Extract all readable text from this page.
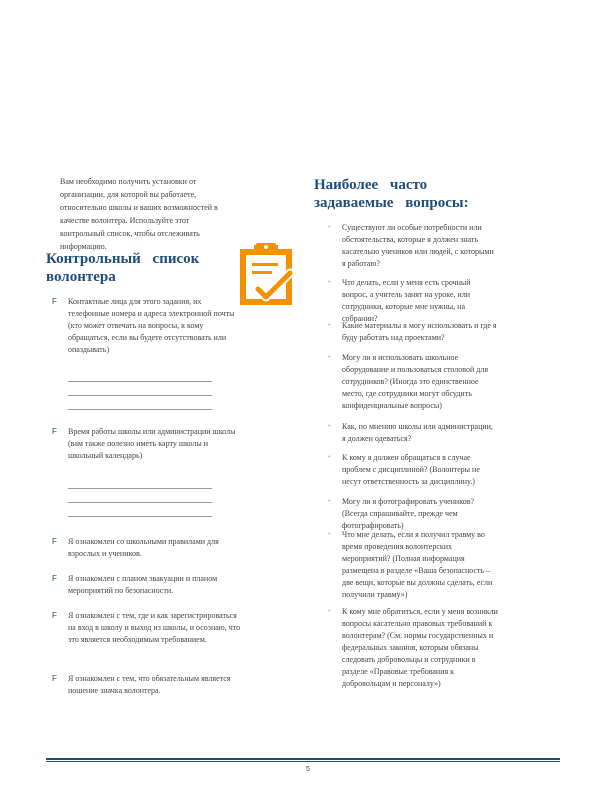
Вам необходимо получить установки от организации, для которой вы работаете, относительно школы и ваших возможностей в качестве волонтера. Используйте этот контрольный список, чтобы отслеживать информацию.
Контрольный список волонтера
F Контактные лица для этого задания, их телефонные номера и адреса электронной почты (кто может отвечать на вопросы, к кому обращаться, если вы будете отсутствовать или опаздывать)
F Время работы школы или администрации школы (вам также полезно иметь карту школы и школьный календарь)
F Я ознакомлен со школьными правилами для взрослых и учеников.
F Я ознакомлен с планом эвакуации и планом мероприятий по безопасности.
F Я ознакомлен с тем, где и как зарегистрироваться на вход в школу и выход из школы, и осознаю, что это является необходимым требованием.
F Я ознакомлен с тем, что обязательным является ношение значка волонтера.
Наиболее часто задаваемые вопросы:
• Существуют ли особые потребности или обстоятельства, которые я должен знать касательно учеников или людей, с которыми я работаю?
• Что делать, если у меня есть срочный вопрос, а учитель занят на уроке, или сотрудники, которые мне нужны, на собрании?
• Какие материалы я могу использовать и где я буду работать над проектами?
• Могу ли я использовать школьное оборудование и пользоваться столовой для сотрудников? (Иногда это единственное место, где сотрудники могут обсудить конфиденциальные вопросы)
• Как, по мнению школы или администрации, я должен одеваться?
• К кому я должен обращаться в случае проблем с дисциплиной? (Волонтеры не несут ответственность за дисциплину.)
• Могу ли я фотографировать учеников? (Всегда спрашивайте, прежде чем фотографировать)
• Что мне делать, если я получил травму во время проведения волонтерских мероприятий? (Полная информация размещена в разделе «Ваша безопасность – две вещи, которые вы должны сделать, если получили травму»)
• К кому мне обратиться, если у меня возникли вопросы касательно правовых требований к волонтерам? (См. нормы государственных и федеральных законов, которым обязаны следовать добровольцы и сотрудники в разделе «Правовые требования к добровольцам и персоналу»)
5
